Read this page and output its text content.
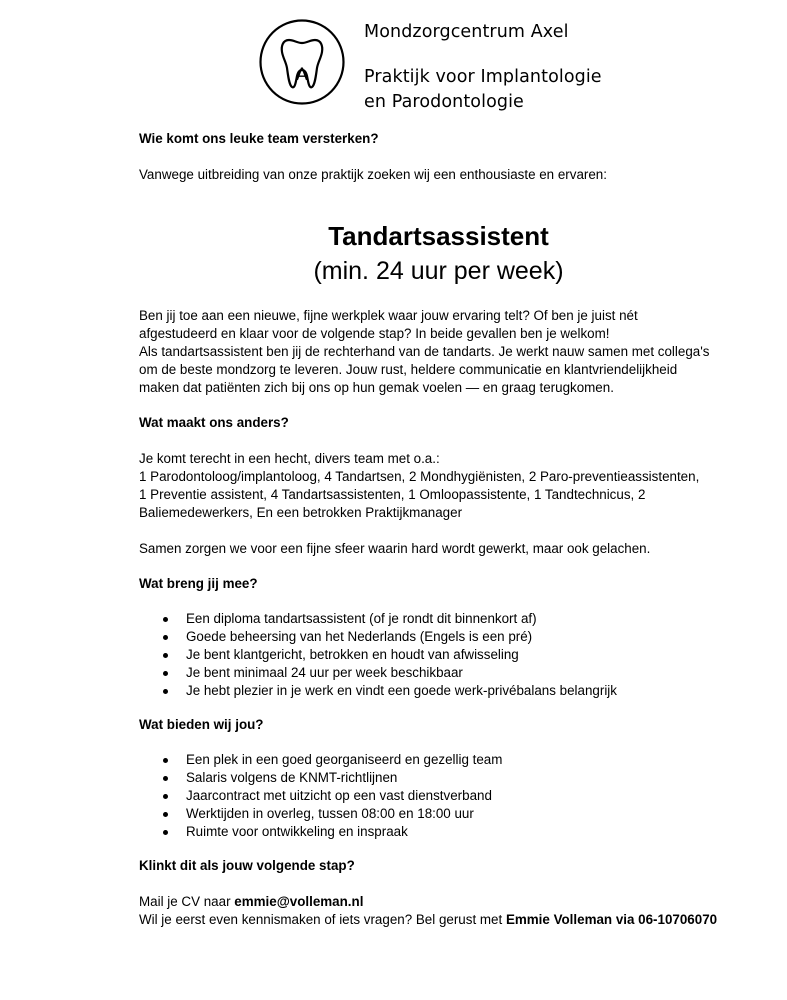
A
Mondzorgcentrum Axel
Praktijk voor Implantologie
en Parodontologie
Wie komt ons leuke team versterken?
Vanwege uitbreiding van onze praktijk zoeken wij een enthousiaste en ervaren:
Tandartsassistent
(min. 24 uur per week)
Ben jij toe aan een nieuwe, fijne werkplek waar jouw ervaring telt? Of ben je juist nét
afgestudeerd en klaar voor de volgende stap? In beide gevallen ben je welkom!
Als tandartsassistent ben jij de rechterhand van de tandarts. Je werkt nauw samen met collega's
om de beste mondzorg te leveren. Jouw rust, heldere communicatie en klantvriendelijkheid
maken dat patiënten zich bij ons op hun gemak voelen — en graag terugkomen.
Wat maakt ons anders?
Je komt terecht in een hecht, divers team met o.a.:
1 Parodontoloog/implantoloog, 4 Tandartsen, 2 Mondhygiënisten, 2 Paro-preventieassistenten,
1 Preventie assistent, 4 Tandartsassistenten, 1 Omloopassistente, 1 Tandtechnicus, 2
Baliemedewerkers, En een betrokken Praktijkmanager
Samen zorgen we voor een fijne sfeer waarin hard wordt gewerkt, maar ook gelachen.
Wat breng jij mee?
Een diploma tandartsassistent (of je rondt dit binnenkort af)
Goede beheersing van het Nederlands (Engels is een pré)
Je bent klantgericht, betrokken en houdt van afwisseling
Je bent minimaal 24 uur per week beschikbaar
Je hebt plezier in je werk en vindt een goede werk-privébalans belangrijk
Wat bieden wij jou?
Een plek in een goed georganiseerd en gezellig team
Salaris volgens de KNMT-richtlijnen
Jaarcontract met uitzicht op een vast dienstverband
Werktijden in overleg, tussen 08:00 en 18:00 uur
Ruimte voor ontwikkeling en inspraak
Klinkt dit als jouw volgende stap?
Mail je CV naar emmie@volleman.nl
Wil je eerst even kennismaken of iets vragen? Bel gerust met Emmie Volleman via 06-10706070
